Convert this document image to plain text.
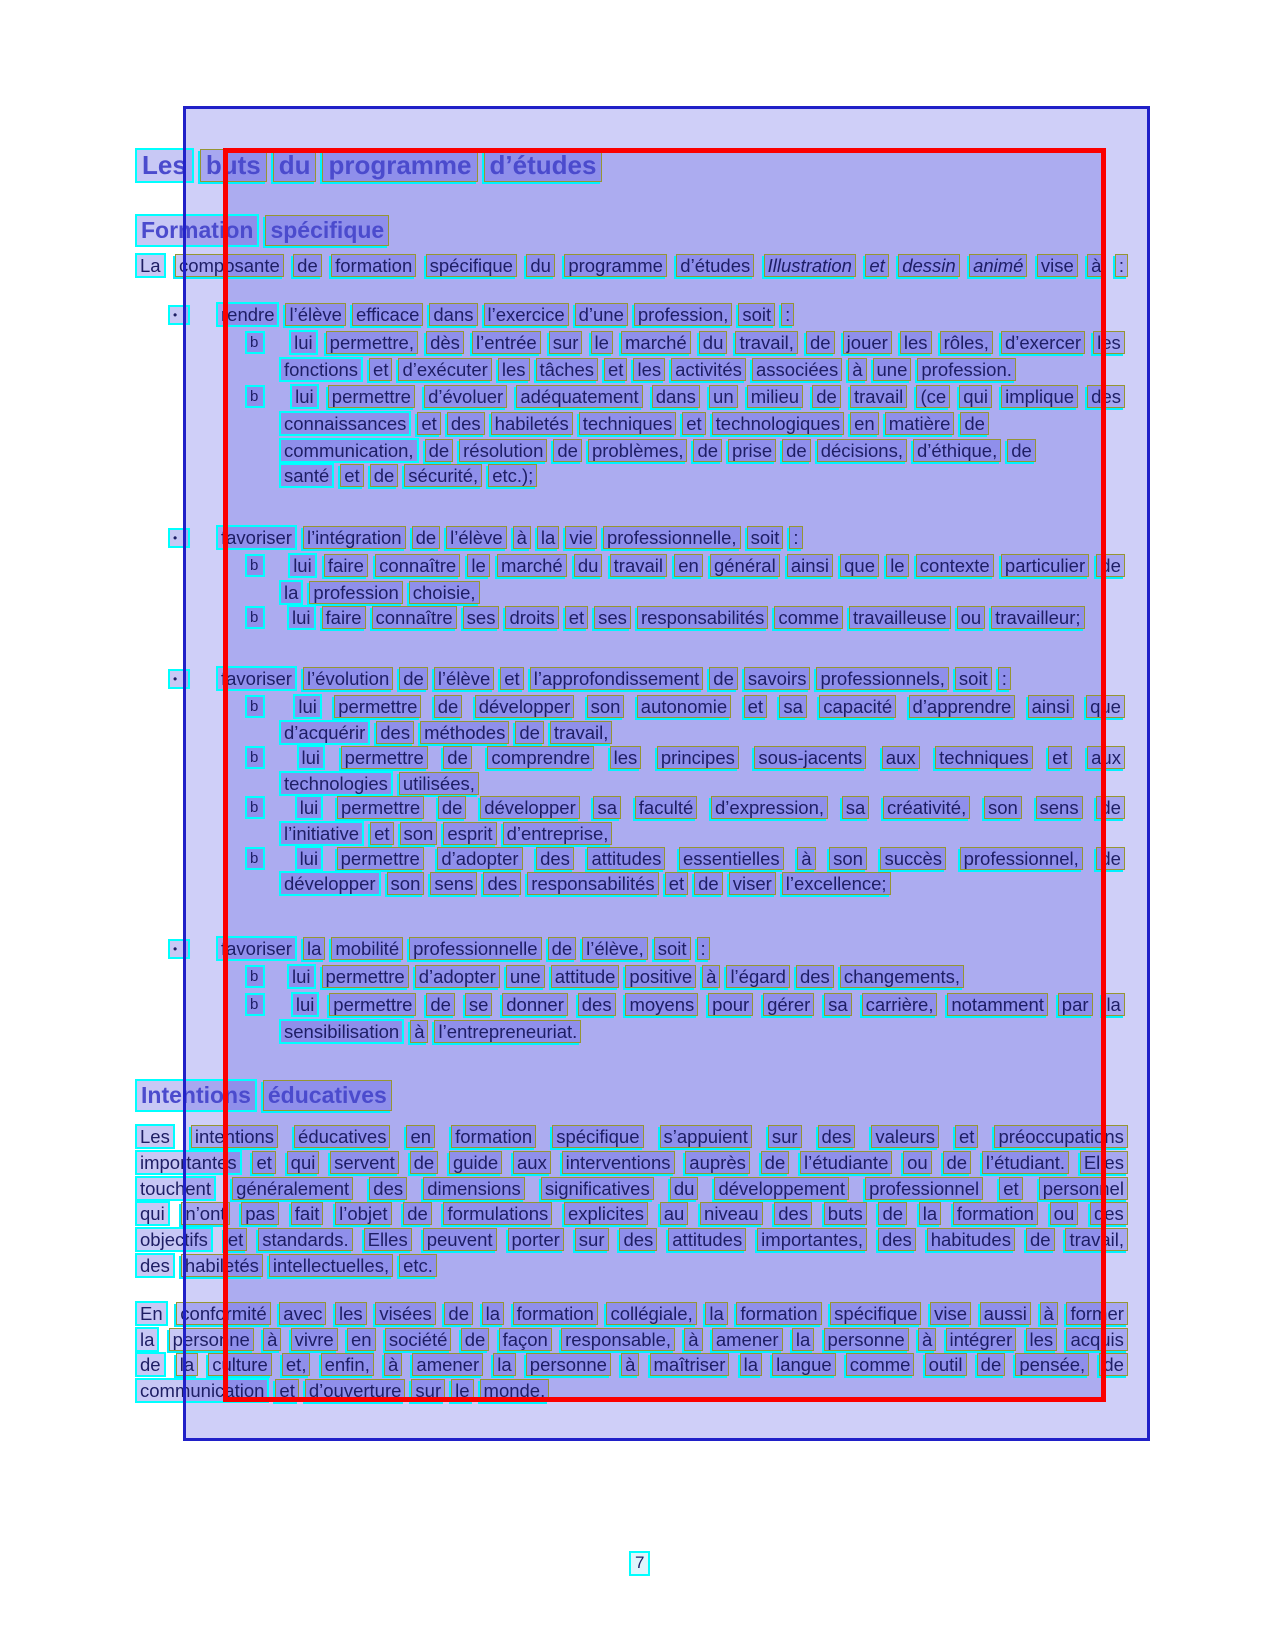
Les buts du programme d’études
Formation spécifique
La composante de formation spécifique du programme d’études Illustration et dessin animé vise à :
•	rendre l’élève efficace dans l’exercice d’une profession, soit :
b	lui permettre, dès l’entrée sur le marché du travail, de jouer les rôles, d’exercer les
fonctions et d’exécuter les tâches et les activités associées à une profession.
b	lui permettre d’évoluer adéquatement dans un milieu de travail (ce qui implique des
connaissances et des habiletés techniques et technologiques en matière de
communication, de résolution de problèmes, de prise de décisions, d’éthique, de
santé et de sécurité, etc.);
•	favoriser l’intégration de l’élève à la vie professionnelle, soit :
b	lui faire connaître le marché du travail en général ainsi que le contexte particulier de
la profession choisie,
b	lui faire connaître ses droits et ses responsabilités comme travailleuse ou travailleur;
•	favoriser l’évolution de l’élève et l’approfondissement de savoirs professionnels, soit :
b	lui permettre de développer son autonomie et sa capacité d’apprendre ainsi que
d’acquérir des méthodes de travail,
b	lui permettre de comprendre les principes sous-jacents aux techniques et aux
technologies utilisées,
b	lui permettre de développer sa faculté d’expression, sa créativité, son sens de
l’initiative et son esprit d’entreprise,
b	lui permettre d’adopter des attitudes essentielles à son succès professionnel, de
développer son sens des responsabilités et de viser l’excellence;
•	favoriser la mobilité professionnelle de l’élève, soit :
b	lui permettre d’adopter une attitude positive à l’égard des changements,
b	lui permettre de se donner des moyens pour gérer sa carrière, notamment par la
sensibilisation à l’entrepreneuriat.
Intentions éducatives
Les intentions éducatives en formation spécifique s’appuient sur des valeurs et préoccupations
importantes et qui servent de guide aux interventions auprès de l’étudiante ou de l’étudiant. Elles
touchent généralement des dimensions significatives du développement professionnel et personnel
qui n’ont pas fait l’objet de formulations explicites au niveau des buts de la formation ou des
objectifs et standards. Elles peuvent porter sur des attitudes importantes, des habitudes de travail,
des habiletés intellectuelles, etc.
En conformité avec les visées de la formation collégiale, la formation spécifique vise aussi à former
la personne à vivre en société de façon responsable, à amener la personne à intégrer les acquis
de la culture et, enfin, à amener la personne à maîtriser la langue comme outil de pensée, de
communication et d’ouverture sur le monde.
7
